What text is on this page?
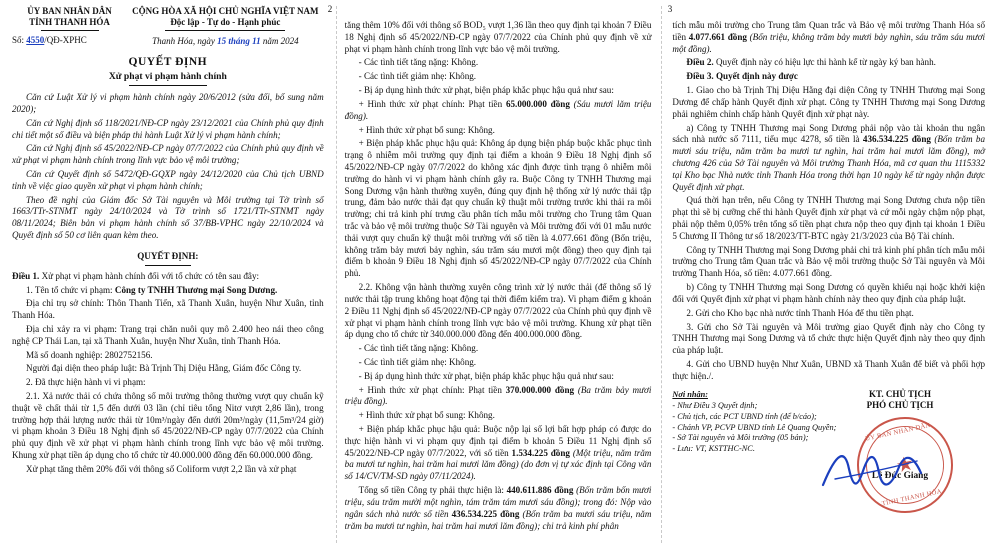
2	3
ỦY BAN NHÂN DÂN
TỈNH THANH HÓA
Số: 4550/QĐ-XPHC
CỘNG HÒA XÃ HỘI CHỦ NGHĨA VIỆT NAM
Độc lập - Tự do - Hạnh phúc
Thanh Hóa, ngày 15 tháng 11 năm 2024
QUYẾT ĐỊNH
Xử phạt vi phạm hành chính

Căn cứ Luật Xử lý vi phạm hành chính ngày 20/6/2012 (sửa đổi, bổ sung năm 2020);

Căn cứ Nghị định số 118/2021/NĐ-CP ngày 23/12/2021 của Chính phủ quy định chi tiết một số điều và biện pháp thi hành Luật Xử lý vi phạm hành chính;

Căn cứ Nghị định số 45/2022/NĐ-CP ngày 07/7/2022 của Chính phủ quy định về xử phạt vi phạm hành chính trong lĩnh vực bảo vệ môi trường;

Căn cứ Quyết định số 5472/QĐ-GQXP ngày 24/12/2020 của Chủ tịch UBND tỉnh về việc giao quyền xử phạt vi phạm hành chính;

Theo đề nghị của Giám đốc Sở Tài nguyên và Môi trường tại Tờ trình số 1663/TTr-STNMT ngày 24/10/2024 và Tờ trình số 1721/TTr-STNMT ngày 08/11/2024; Biên bản vi phạm hành chính số 37/BB-VPHC ngày 22/10/2024 và Quyết định số 50 cơ liên quan kèm theo.

QUYẾT ĐỊNH:

Điều 1. Xử phạt vi phạm hành chính đối với tổ chức có tên sau đây:

1. Tên tổ chức vi phạm: Công ty TNHH Thương mại Song Dương.

Địa chỉ trụ sở chính: Thôn Thanh Tiến, xã Thanh Xuân, huyện Như Xuân, tỉnh Thanh Hóa.

Địa chỉ xảy ra vi phạm: Trang trại chăn nuôi quy mô 2.400 heo nái theo công nghệ CP Thái Lan, tại xã Thanh Xuân, huyện Như Xuân, tỉnh Thanh Hóa.

Mã số doanh nghiệp: 2802752156.

Người đại diện theo pháp luật: Bà Trịnh Thị Diệu Hằng, Giám đốc Công ty.

2. Đã thực hiện hành vi vi phạm:

2.1. Xả nước thải có chứa thông số môi trường thông thường vượt quy chuẩn kỹ thuật về chất thải từ 1,5 đến dưới 03 lần (chỉ tiêu tổng Nitơ vượt 2,86 lần), trong trường hợp thải lượng nước thải từ 10m³/ngày đến dưới 20m³/ngày (11,5m³/24 giờ) vi phạm khoản 3 Điều 18 Nghị định số 45/2022/NĐ-CP ngày 07/7/2022 của Chính phủ quy định về xử phạt vi phạm hành chính trong lĩnh vực bảo vệ môi trường. Khung xử phạt tiền áp dụng cho tổ chức từ 40.000.000 đồng đến 60.000.000 đồng.

Xử phạt tăng thêm 20% đối với thông số Coliform vượt 2,2 lần và xử phạt

tăng thêm 10% đối với thông số BOD₅ vượt 1,36 lần theo quy định tại khoản 7 Điều 18 Nghị định số 45/2022/NĐ-CP ngày 07/7/2022 của Chính phủ quy định về xử phạt vi phạm hành chính trong lĩnh vực bảo vệ môi trường.

- Các tình tiết tăng nặng: Không.

- Các tình tiết giảm nhẹ: Không.

- Bị áp dụng hình thức xử phạt, biện pháp khắc phục hậu quả như sau:

+ Hình thức xử phạt chính: Phạt tiền 65.000.000 đồng (Sáu mươi lăm triệu đồng).

+ Hình thức xử phạt bổ sung: Không.

+ Biện pháp khắc phục hậu quả: Không áp dụng biện pháp buộc khắc phục tình trạng ô nhiễm môi trường quy định tại điểm a khoản 9 Điều 18 Nghị định số 45/2022/NĐ-CP ngày 07/7/2022 do không xác định được tình trạng ô nhiễm môi trường do hành vi vi phạm hành chính gây ra. Buộc Công ty TNHH Thương mại Song Dương vận hành thường xuyên, đúng quy định hệ thống xử lý nước thải tập trung, đảm bảo nước thải đạt quy chuẩn kỹ thuật môi trường trước khi thải ra môi trường; chi trả kinh phí trưng cầu phân tích mẫu môi trường cho Trung tâm Quan trắc và bảo vệ môi trường thuộc Sở Tài nguyên và Môi trường đối với 01 mẫu nước thải vượt quy chuẩn kỹ thuật môi trường với số tiền là 4.077.661 đồng (Bốn triệu, không trăm bảy mươi bảy nghìn, sáu trăm sáu mươi một đồng) theo quy định tại điểm b khoản 9 Điều 18 Nghị định số 45/2022/NĐ-CP ngày 07/7/2022 của Chính phủ.

2.2. Không vận hành thường xuyên công trình xử lý nước thải (để thông số lý nước thải tập trung không hoạt động tại thời điểm kiểm tra). Vi phạm điểm g khoản 2 Điều 11 Nghị định số 45/2022/NĐ-CP ngày 07/7/2022 của Chính phủ quy định về xử phạt vi phạm hành chính trong lĩnh vực bảo vệ môi trường. Khung xử phạt tiền áp dụng cho tổ chức từ 340.000.000 đồng đến 400.000.000 đồng.

- Các tình tiết tăng nặng: Không.

- Các tình tiết giảm nhẹ: Không.

- Bị áp dụng hình thức xử phạt, biện pháp khắc phục hậu quả như sau:

+ Hình thức xử phạt chính: Phạt tiền 370.000.000 đồng (Ba trăm bảy mươi triệu đồng).

+ Hình thức xử phạt bổ sung: Không.

+ Biện pháp khắc phục hậu quả: Buộc nộp lại số lợi bất hợp pháp có được do thực hiện hành vi vi phạm quy định tại điểm b khoản 5 Điều 11 Nghị định số 45/2022/NĐ-CP ngày 07/7/2022, với số tiền 1.534.225 đồng (Một triệu, năm trăm ba mươi tư nghìn, hai trăm hai mươi lăm đồng) (do đơn vị tự xác định tại Công văn số 14/CV/TM-SD ngày 07/11/2024).

Tổng số tiền Công ty phải thực hiện là: 440.611.886 đồng (Bốn trăm bốn mươi triệu, sáu trăm mười một nghìn, tám trăm tám mươi sáu đồng); trong đó: Nộp vào ngân sách nhà nước số tiền 436.534.225 đồng (Bốn trăm ba mươi sáu triệu, năm trăm ba mươi tư nghìn, hai trăm hai mươi lăm đồng); chi trả kinh phí phân

tích mẫu môi trường cho Trung tâm Quan trắc và Bảo vệ môi trường Thanh Hóa số tiền 4.077.661 đồng (Bốn triệu, không trăm bảy mươi bảy nghìn, sáu trăm sáu mươi một đồng).

Điều 2. Quyết định này có hiệu lực thi hành kể từ ngày ký ban hành.

Điều 3. Quyết định này được

1. Giao cho bà Trịnh Thị Diệu Hằng đại diện Công ty TNHH Thương mại Song Dương để chấp hành Quyết định xử phạt. Công ty TNHH Thương mại Song Dương phải nghiêm chỉnh chấp hành Quyết định xử phạt này.

a) Công ty TNHH Thương mại Song Dương phải nộp vào tài khoản thu ngân sách nhà nước số 7111, tiểu mục 4278, số tiền là 436.534.225 đồng (Bốn trăm ba mươi sáu triệu, năm trăm ba mươi tư nghìn, hai trăm hai mươi lăm đồng), mở chương 426 của Sở Tài nguyên và Môi trường Thanh Hóa, mã cơ quan thu 1115332 tại Kho bạc Nhà nước tỉnh Thanh Hóa trong thời hạn 10 ngày kể từ ngày nhận được Quyết định xử phạt.

Quá thời hạn trên, nếu Công ty TNHH Thương mại Song Dương chưa nộp tiền phạt thì sẽ bị cưỡng chế thi hành Quyết định xử phạt và cứ mỗi ngày chậm nộp phạt, phải nộp thêm 0,05% trên tổng số tiền phạt chưa nộp theo quy định tại khoản 1 Điều 5 Chương II Thông tư số 18/2023/TT-BTC ngày 21/3/2023 của Bộ Tài chính.

Công ty TNHH Thương mại Song Dương phải chi trả kinh phí phân tích mẫu môi trường cho Trung tâm Quan trắc và Bảo vệ môi trường thuộc Sở Tài nguyên và Môi trường Thanh Hóa, số tiền: 4.077.661 đồng.

b) Công ty TNHH Thương mại Song Dương có quyền khiếu nại hoặc khởi kiện đối với Quyết định xử phạt vi phạm hành chính này theo quy định của pháp luật.

2. Gửi cho Kho bạc nhà nước tỉnh Thanh Hóa để thu tiền phạt.

3. Gửi cho Sở Tài nguyên và Môi trường giao Quyết định này cho Công ty TNHH Thương mại Song Dương và tổ chức thực hiện Quyết định này theo quy định của pháp luật.

4. Gửi cho UBND huyện Như Xuân, UBND xã Thanh Xuân để biết và phối hợp thực hiện./.

KT. CHỦ TỊCH
PHÓ CHỦ TỊCH
Lê Đức Giang
Nơi nhận:
- Như Điều 3 Quyết định;
- Chủ tịch, các PCT UBND tỉnh (để b/cáo);
- Chánh VP, PCVP UBND tỉnh Lê Quang Quyền;
- Sở Tài nguyên và Môi trường (05 bản);
- Lưu: VT, KSTTHC-NC.
ỦY BAN NHÂN DÂN
★
TỈNH THANH HÓA
